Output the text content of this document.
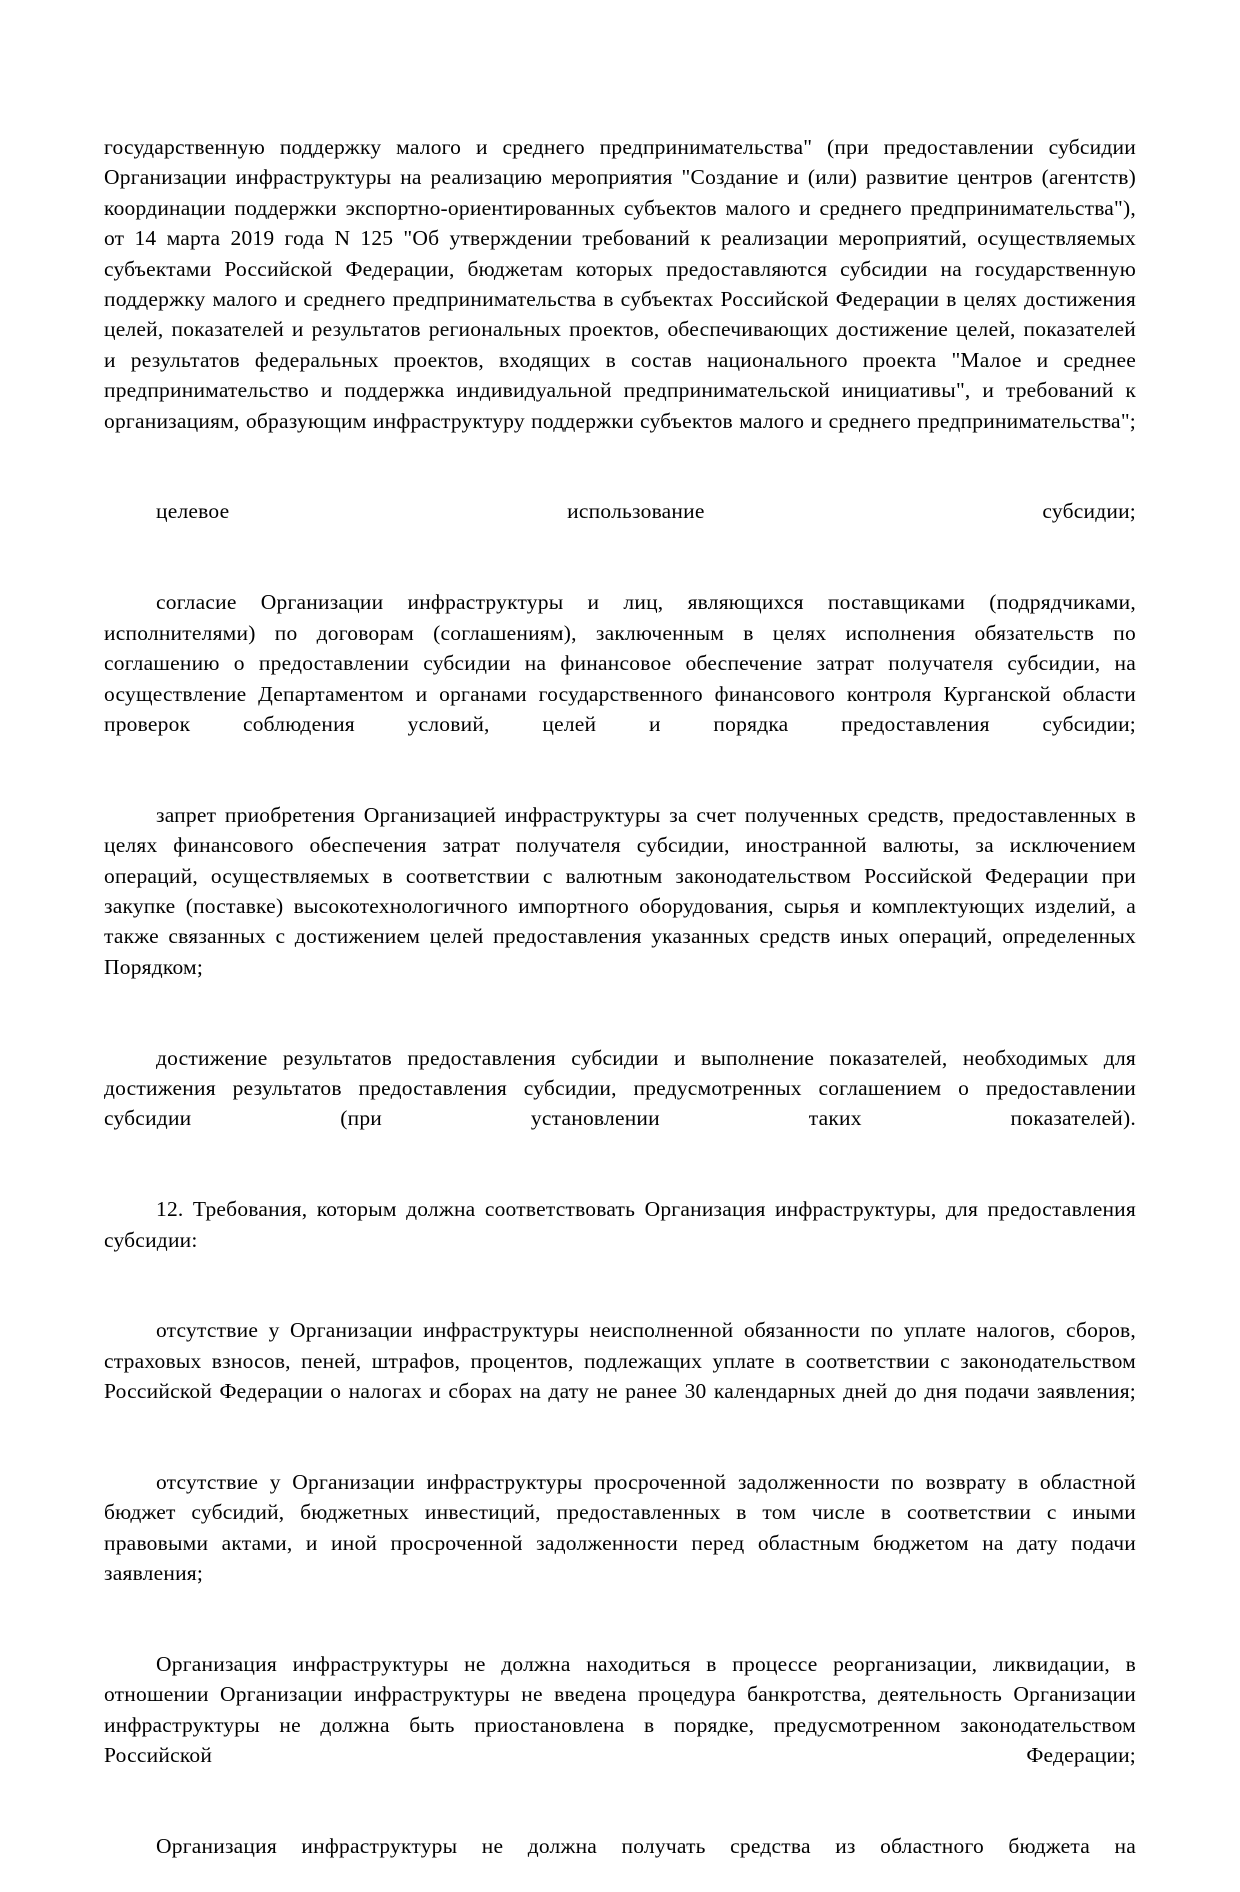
государственную поддержку малого и среднего предпринимательства" (при предоставлении субсидии Организации инфраструктуры на реализацию мероприятия "Создание и (или) развитие центров (агентств) координации поддержки экспортно-ориентированных субъектов малого и среднего предпринимательства"), от 14 марта 2019 года N 125 "Об утверждении требований к реализации мероприятий, осуществляемых субъектами Российской Федерации, бюджетам которых предоставляются субсидии на государственную поддержку малого и среднего предпринимательства в субъектах Российской Федерации в целях достижения целей, показателей и результатов региональных проектов, обеспечивающих достижение целей, показателей и результатов федеральных проектов, входящих в состав национального проекта "Малое и среднее предпринимательство и поддержка индивидуальной предпринимательской инициативы", и требований к организациям, образующим инфраструктуру поддержки субъектов малого и среднего предпринимательства";

целевое использование субсидии;

согласие Организации инфраструктуры и лиц, являющихся поставщиками (подрядчиками, исполнителями) по договорам (соглашениям), заключенным в целях исполнения обязательств по соглашению о предоставлении субсидии на финансовое обеспечение затрат получателя субсидии, на осуществление Департаментом и органами государственного финансового контроля Курганской области проверок соблюдения условий, целей и порядка предоставления субсидии;

запрет приобретения Организацией инфраструктуры за счет полученных средств, предоставленных в целях финансового обеспечения затрат получателя субсидии, иностранной валюты, за исключением операций, осуществляемых в соответствии с валютным законодательством Российской Федерации при закупке (поставке) высокотехнологичного импортного оборудования, сырья и комплектующих изделий, а также связанных с достижением целей предоставления указанных средств иных операций, определенных Порядком;

достижение результатов предоставления субсидии и выполнение показателей, необходимых для достижения результатов предоставления субсидии, предусмотренных соглашением о предоставлении субсидии (при установлении таких показателей).

12. Требования, которым должна соответствовать Организация инфраструктуры, для предоставления субсидии:

отсутствие у Организации инфраструктуры неисполненной обязанности по уплате налогов, сборов, страховых взносов, пеней, штрафов, процентов, подлежащих уплате в соответствии с законодательством Российской Федерации о налогах и сборах на дату не ранее 30 календарных дней до дня подачи заявления;

отсутствие у Организации инфраструктуры просроченной задолженности по возврату в областной бюджет субсидий, бюджетных инвестиций, предоставленных в том числе в соответствии с иными правовыми актами, и иной просроченной задолженности перед областным бюджетом на дату подачи заявления;

Организация инфраструктуры не должна находиться в процессе реорганизации, ликвидации, в отношении Организации инфраструктуры не введена процедура банкротства, деятельность Организации инфраструктуры не должна быть приостановлена в порядке, предусмотренном законодательством Российской Федерации;

Организация инфраструктуры не должна получать средства из областного бюджета на
